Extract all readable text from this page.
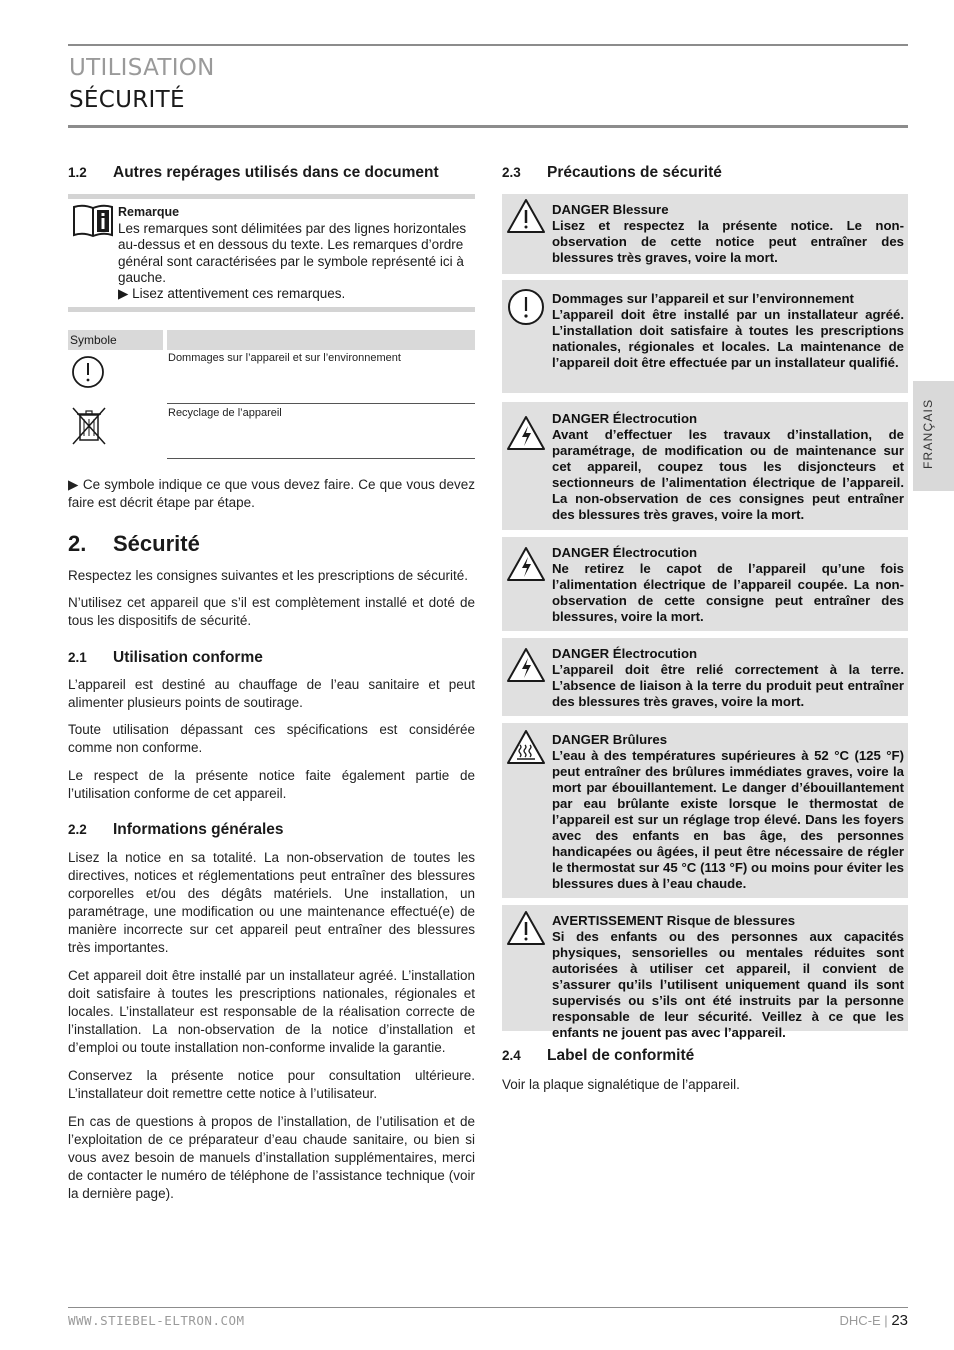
UTILISATION
SÉCURITÉ
FRANÇAIS
1.2 Autres repérages utilisés dans ce document
Remarque
Les remarques sont délimitées par des lignes horizontales au-dessus et en dessous du texte. Les remarques d’ordre général sont caractérisées par le symbole représenté ici à gauche.
▶ Lisez attentivement ces remarques.
Symbole
Dommages sur l’appareil et sur l’environnement
Recyclage de l’appareil
▶ Ce symbole indique ce que vous devez faire. Ce que vous devez faire est décrit étape par étape.
2. Sécurité
Respectez les consignes suivantes et les prescriptions de sécurité.
N’utilisez cet appareil que s’il est complètement installé et doté de tous les dispositifs de sécurité.
2.1 Utilisation conforme
L’appareil est destiné au chauffage de l’eau sanitaire et peut alimenter plusieurs points de soutirage.
Toute utilisation dépassant ces spécifications est considérée comme non conforme.
Le respect de la présente notice faite également partie de l’utilisation conforme de cet appareil.
2.2 Informations générales
Lisez la notice en sa totalité. La non-observation de toutes les directives, notices et réglementations peut entraîner des blessures corporelles et/ou des dégâts matériels. Une installation, un paramétrage, une modification ou une maintenance effectué(e) de manière incorrecte sur cet appareil peut entraîner des blessures très importantes.
Cet appareil doit être installé par un installateur agréé. L’installation doit satisfaire à toutes les prescriptions nationales, régionales et locales. L’installateur est responsable de la réalisation correcte de l’installation. La non-observation de la notice d’installation et d’emploi ou toute installation non-conforme invalide la garantie.
Conservez la présente notice pour consultation ultérieure. L’installateur doit remettre cette notice à l’utilisateur.
En cas de questions à propos de l’installation, de l’utilisation et de l’exploitation de ce préparateur d’eau chaude sanitaire, ou bien si vous avez besoin de manuels d’installation supplémentaires, merci de contacter le numéro de téléphone de l’assistance technique (voir la dernière page).
2.3 Précautions de sécurité
DANGER Blessure
Lisez et respectez la présente notice. Le non-observation de cette notice peut entraîner des blessures très graves, voire la mort.
Dommages sur l’appareil et sur l’environnement
L’appareil doit être installé par un installateur agréé. L’installation doit satisfaire à toutes les prescriptions nationales, régionales et locales. La maintenance de l’appareil doit être effectuée par un installateur qualifié.
DANGER Électrocution
Avant d’effectuer les travaux d’installation, de paramétrage, de modification ou de maintenance sur cet appareil, coupez tous les disjoncteurs et sectionneurs de l’alimentation électrique de l’appareil. La non-observation de ces consignes peut entraîner des blessures très graves, voire la mort.
DANGER Électrocution
Ne retirez le capot de l’appareil qu’une fois l’alimentation électrique de l’appareil coupée. La non-observation de cette consigne peut entraîner des blessures, voire la mort.
DANGER Électrocution
L’appareil doit être relié correctement à la terre. L’absence de liaison à la terre du produit peut entraîner des blessures très graves, voire la mort.
DANGER Brûlures
L’eau à des températures supérieures à 52 °C (125 °F) peut entraîner des brûlures immédiates graves, voire la mort par ébouillantement. Le danger d’ébouillantement par eau brûlante existe lorsque le thermostat de l’appareil est sur un réglage trop élevé. Dans les foyers avec des enfants en bas âge, des personnes handicapées ou âgées, il peut être nécessaire de régler le thermostat sur 45 °C (113 °F) ou moins pour éviter les blessures dues à l’eau chaude.
AVERTISSEMENT Risque de blessures
Si des enfants ou des personnes aux capacités physiques, sensorielles ou mentales réduites sont autorisées à utiliser cet appareil, il convient de s’assurer qu’ils l’utilisent uniquement quand ils sont supervisés ou s’ils ont été instruits par la personne responsable de leur sécurité. Veillez à ce que les enfants ne jouent pas avec l’appareil.
2.4 Label de conformité
Voir la plaque signalétique de l’appareil.
WWW.STIEBEL-ELTRON.COM	DHC-E | 23
